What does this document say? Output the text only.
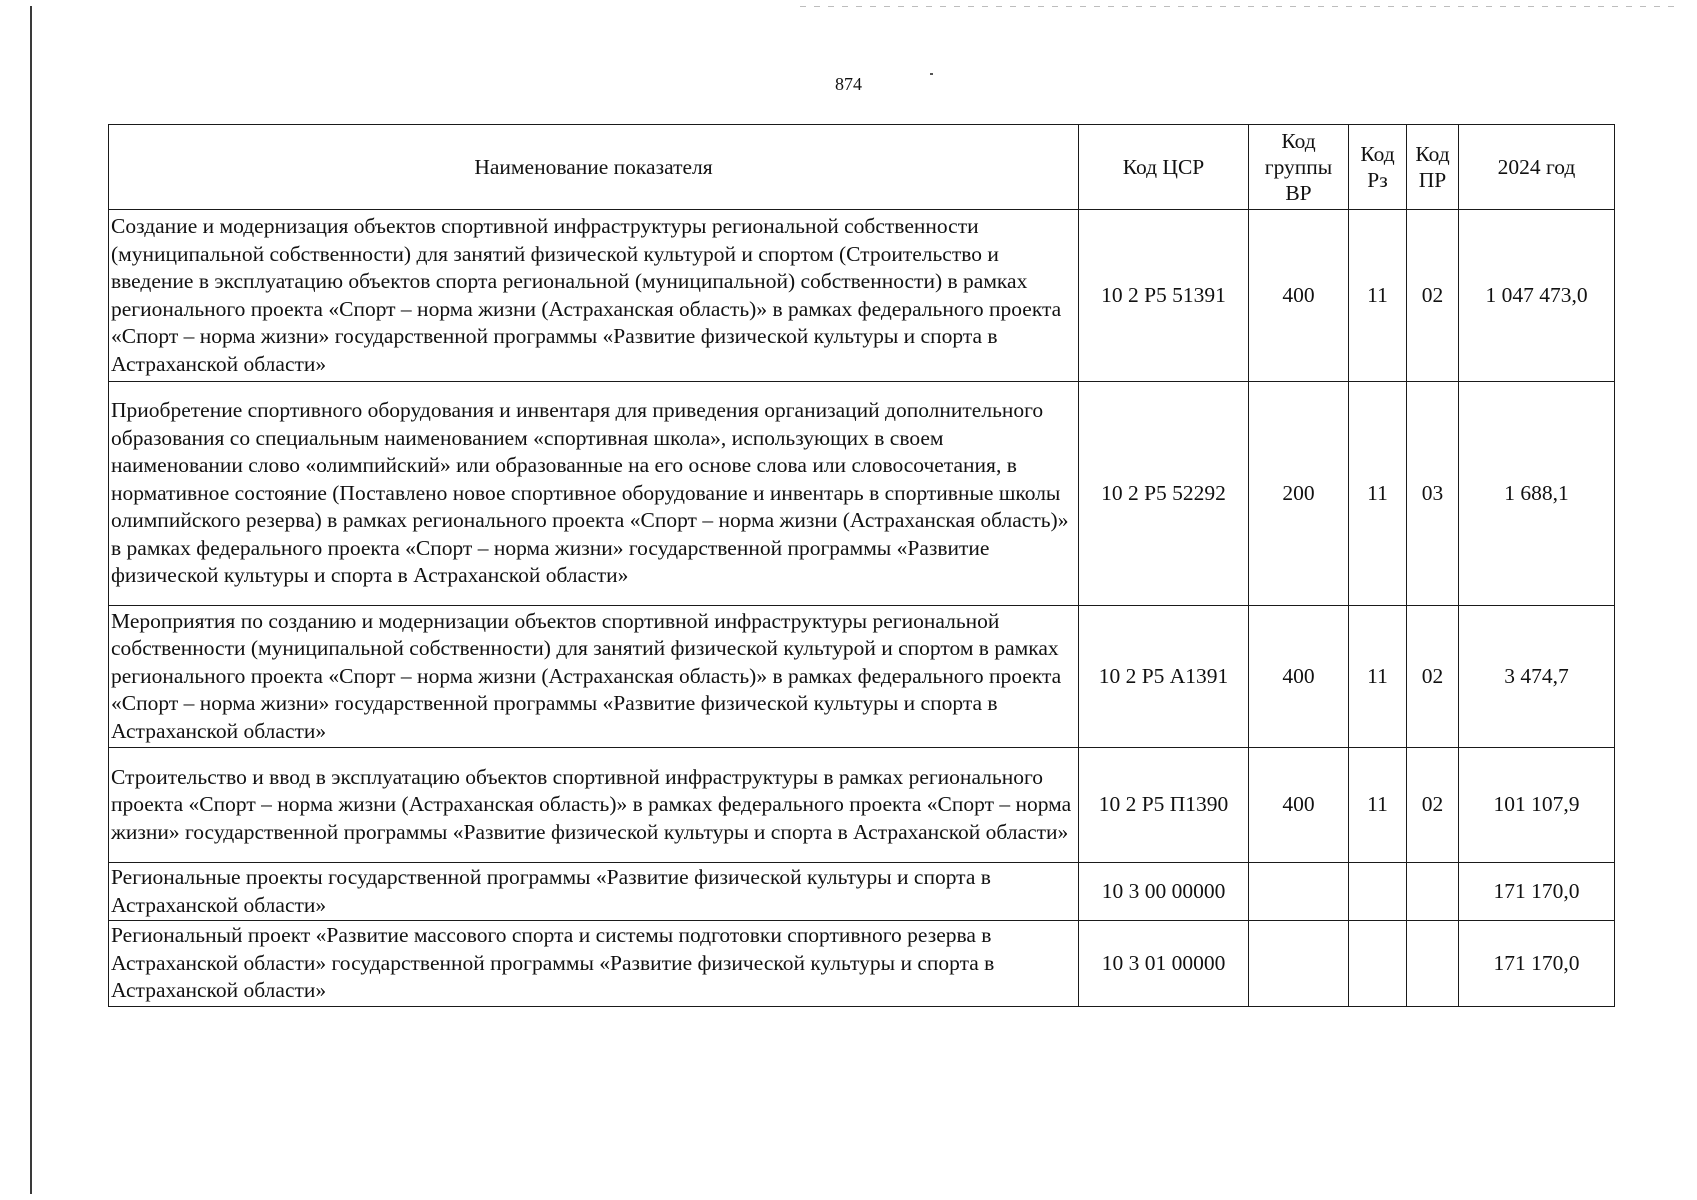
874
Наименование показателя	Код ЦСР	Код группы ВР	Код Рз	Код ПР	2024 год
Создание и модернизация объектов спортивной инфраструктуры региональной собственности (муниципальной собственности) для занятий физической культурой и спортом (Строительство и введение в эксплуатацию объектов спорта региональной (муниципальной) собственности) в рамках регионального проекта «Спорт – норма жизни (Астраханская область)» в рамках федерального проекта «Спорт – норма жизни» государственной программы «Развитие физической культуры и спорта в Астраханской области»	10 2 Р5 51391	400	11	02	1 047 473,0
Приобретение спортивного оборудования и инвентаря для приведения организаций дополнительного образования со специальным наименованием «спортивная школа», использующих в своем наименовании слово «олимпийский» или образованные на его основе слова или словосочетания, в нормативное состояние (Поставлено новое спортивное оборудование и инвентарь в спортивные школы олимпийского резерва) в рамках регионального проекта «Спорт – норма жизни (Астраханская область)» в рамках федерального проекта «Спорт – норма жизни» государственной программы «Развитие физической культуры и спорта в Астраханской области»	10 2 Р5 52292	200	11	03	1 688,1
Мероприятия по созданию и модернизации объектов спортивной инфраструктуры региональной собственности (муниципальной собственности) для занятий физической культурой и спортом в рамках регионального проекта «Спорт – норма жизни (Астраханская область)» в рамках федерального проекта «Спорт – норма жизни» государственной программы «Развитие физической культуры и спорта в Астраханской области»	10 2 Р5 А1391	400	11	02	3 474,7
Строительство и ввод в эксплуатацию объектов спортивной инфраструктуры в рамках регионального проекта «Спорт – норма жизни (Астраханская область)» в рамках федерального проекта «Спорт – норма жизни» государственной программы «Развитие физической культуры и спорта в Астраханской области»	10 2 Р5 П1390	400	11	02	101 107,9
Региональные проекты государственной программы «Развитие физической культуры и спорта в Астраханской области»	10 3 00 00000				171 170,0
Региональный проект «Развитие массового спорта и системы подготовки спортивного резерва в Астраханской области» государственной программы «Развитие физической культуры и спорта в Астраханской области»	10 3 01 00000				171 170,0
